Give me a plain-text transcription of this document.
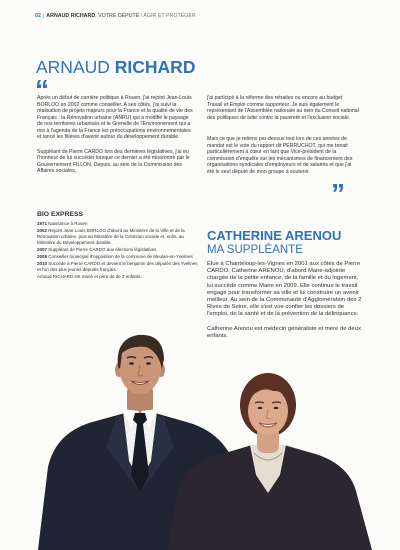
02 | ARNAUD RICHARD, VOTRE DÉPUTÉ / AGIR ET PROTÉGER
ARNAUD RICHARD
“

Après un début de carrière politique à Rouen, j'ai rejoint Jean-Louis BORLOO en 2002 comme conseiller. A ses côtés, j'ai suivi la réalisation de projets majeurs pour la France et la qualité de vie des Français : la Rénovation urbaine (ANRU) qui a modifié le paysage de nos territoires urbanisés et le Grenelle de l'Environnement qui a mis à l'agenda de la France les préoccupations environnementales et lancé les filières d'avenir autour du développement durable.

Suppléant de Pierre CARDO lors des dernières législatives, j'ai eu l'honneur de lui succéder lorsque ce dernier a été missionné par le Gouvernement FILLON. Depuis, au sein de la Commission des Affaires sociales,

j'ai participé à la réforme des retraites ou encore au budget Travail et Emploi comme rapporteur. Je suis également le représentant de l'Assemblée nationale au sein du Conseil national des politiques de lutte contre la pauvreté et l'exclusion sociale.

Mais ce que je retiens par-dessus tout lors de ces années de mandat est le vote du rapport dit PERRUCHOT, qui me tenait particulièrement à cœur en tant que Vice-président de la commission d'enquête sur les mécanismes de financement des organisations syndicales d'employeurs et de salariés et que j'ai été le seul député de mon groupe à soutenir.

”
BIO EXPRESS

1971 Naissance à Rouen

2002 Rejoint Jean-Louis BORLOO d'abord au Ministère de la Ville et de la Rénovation urbaine, puis au Ministère de la Cohésion sociale et, enfin, au Ministère du Développement durable.

2007 Suppléant de Pierre CARDO aux élections législatives

2008 Conseiller municipal d'opposition de la commune de Meulan-en-Yvelines

2010 Succède à Pierre CARDO et devient le benjamin des députés des Yvelines et l'un des plus jeunes députés français.

Arnaud RICHARD est marié et père de de 3 enfants.

CATHERINE ARENOU
MA SUPPLÉANTE

Élue à Chanteloup-les-Vignes en 2001 aux côtés de Pierre CARDO, Catherine ARENOU, d'abord Maire-adjointe chargée de la petite enfance, de la famille et du logement, lui succède comme Maire en 2009. Elle continue le travail engagé pour transformer sa ville et lui construire un avenir meilleur. Au sein de la Communauté d'Agglomération des 2 Rives de Seine, elle s'est vue confier les dossiers de l'emploi, de la santé et de la prévention de la délinquance.

Catherine Arenou est médecin généraliste et mère de deux enfants.
